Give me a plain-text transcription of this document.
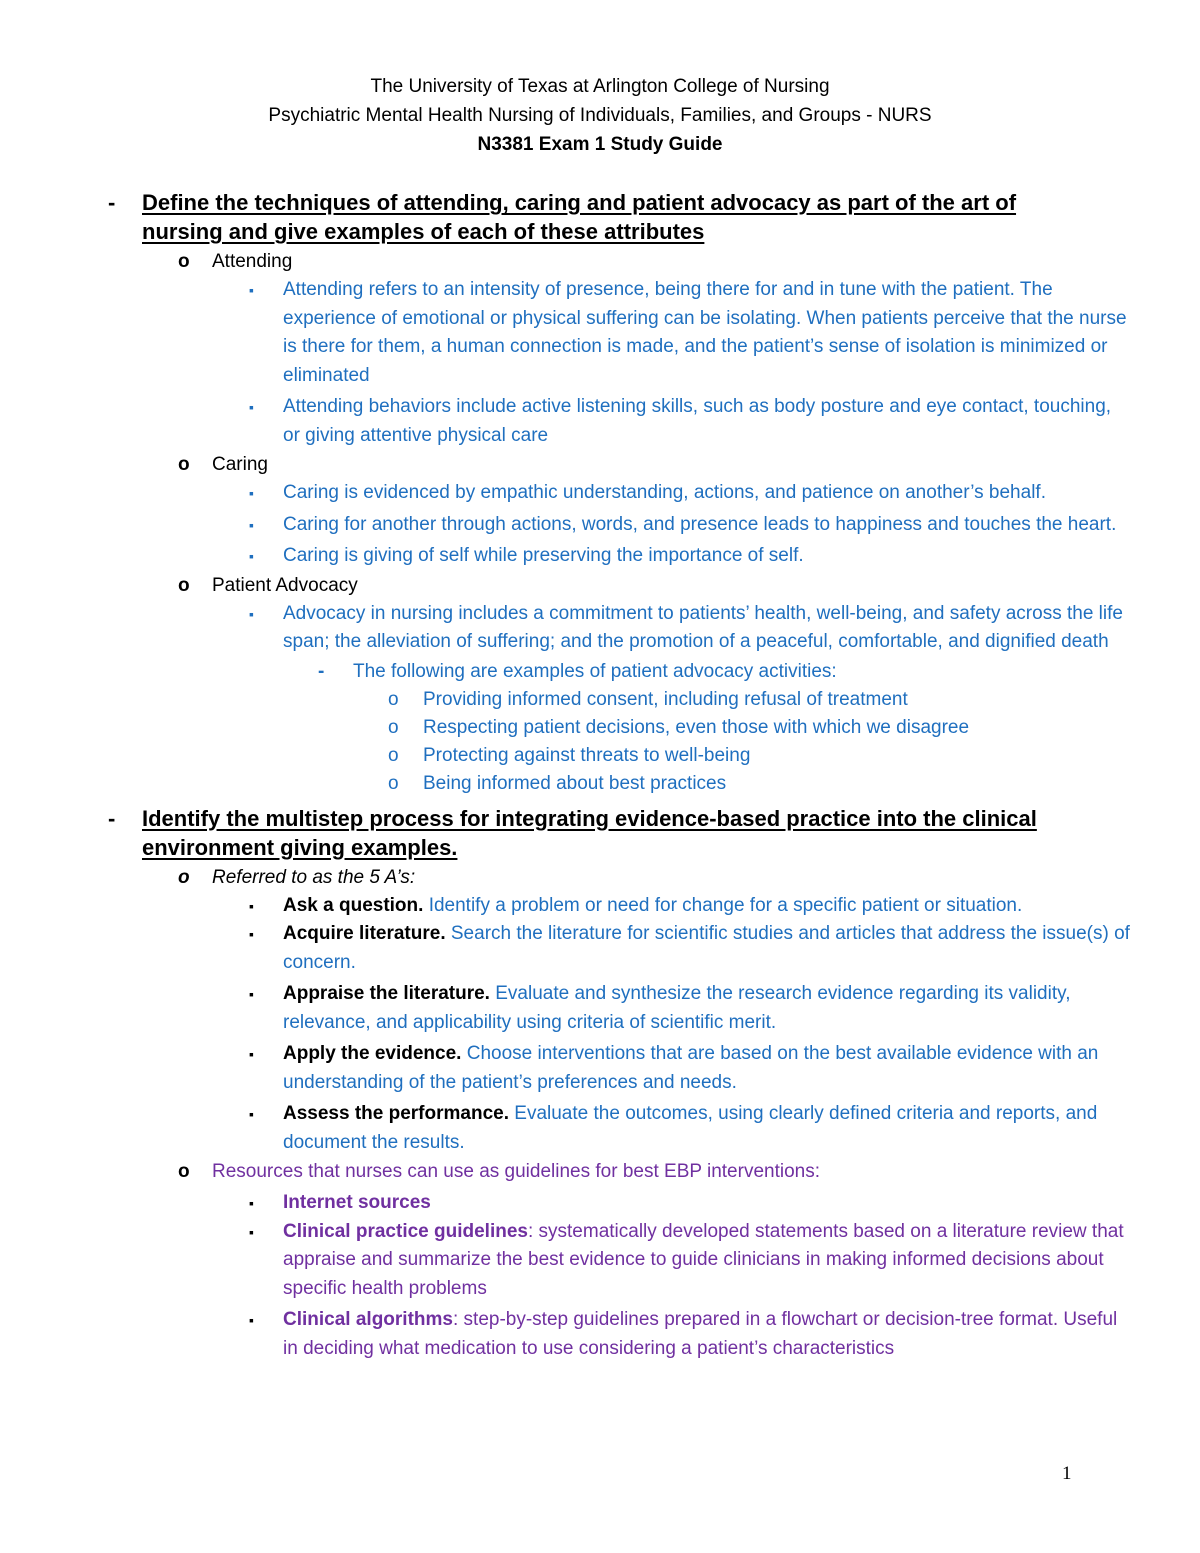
The University of Texas at Arlington College of Nursing
Psychiatric Mental Health Nursing of Individuals, Families, and Groups - NURS
N3381 Exam 1 Study Guide
- Define the techniques of attending, caring and patient advocacy as part of the art of nursing and give examples of each of these attributes
o Attending
▪ Attending refers to an intensity of presence, being there for and in tune with the patient. The experience of emotional or physical suffering can be isolating. When patients perceive that the nurse is there for them, a human connection is made, and the patient’s sense of isolation is minimized or eliminated
▪ Attending behaviors include active listening skills, such as body posture and eye contact, touching, or giving attentive physical care
o Caring
▪ Caring is evidenced by empathic understanding, actions, and patience on another’s behalf.
▪ Caring for another through actions, words, and presence leads to happiness and touches the heart.
▪ Caring is giving of self while preserving the importance of self.
o Patient Advocacy
▪ Advocacy in nursing includes a commitment to patients’ health, well-being, and safety across the life span; the alleviation of suffering; and the promotion of a peaceful, comfortable, and dignified death
- The following are examples of patient advocacy activities:
o Providing informed consent, including refusal of treatment
o Respecting patient decisions, even those with which we disagree
o Protecting against threats to well-being
o Being informed about best practices
- Identify the multistep process for integrating evidence-based practice into the clinical environment giving examples.
o Referred to as the 5 A’s:
▪ Ask a question. Identify a problem or need for change for a specific patient or situation.
▪ Acquire literature. Search the literature for scientific studies and articles that address the issue(s) of concern.
▪ Appraise the literature. Evaluate and synthesize the research evidence regarding its validity, relevance, and applicability using criteria of scientific merit.
▪ Apply the evidence. Choose interventions that are based on the best available evidence with an understanding of the patient’s preferences and needs.
▪ Assess the performance. Evaluate the outcomes, using clearly defined criteria and reports, and document the results.
o Resources that nurses can use as guidelines for best EBP interventions:
▪ Internet sources
▪ Clinical practice guidelines: systematically developed statements based on a literature review that appraise and summarize the best evidence to guide clinicians in making informed decisions about specific health problems
▪ Clinical algorithms: step-by-step guidelines prepared in a flowchart or decision-tree format. Useful in deciding what medication to use considering a patient’s characteristics
1
